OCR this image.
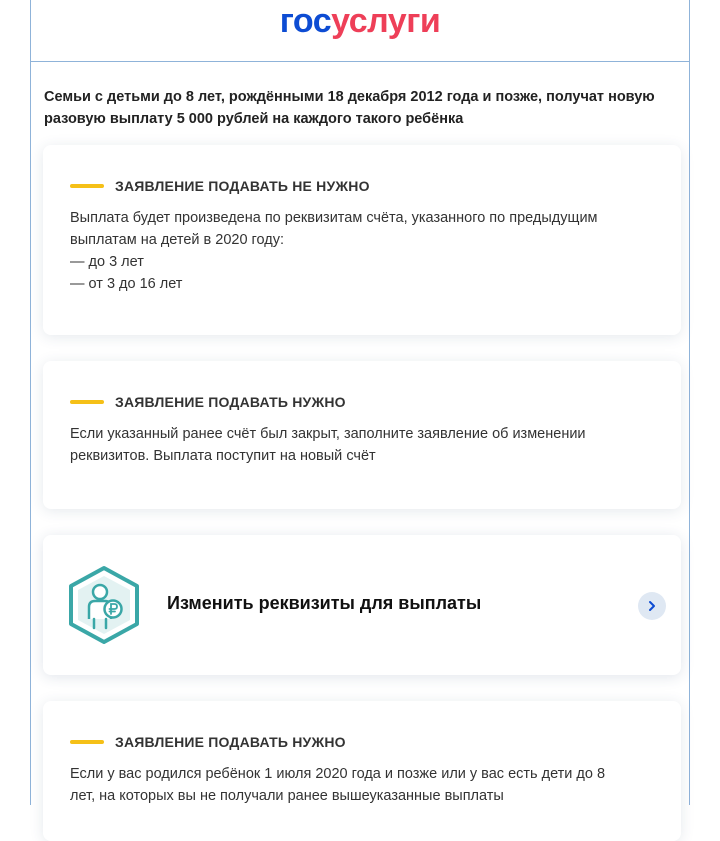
госуслуги
Семьи с детьми до 8 лет, рождёнными 18 декабря 2012 года и позже, получат новую разовую выплату 5 000 рублей на каждого такого ребёнка
ЗАЯВЛЕНИЕ ПОДАВАТЬ НЕ НУЖНО
Выплата будет произведена по реквизитам счёта, указанного по предыдущим
выплатам на детей в 2020 году:
— до 3 лет
— от 3 до 16 лет
ЗАЯВЛЕНИЕ ПОДАВАТЬ НУЖНО
Если указанный ранее счёт был закрыт, заполните заявление об изменении
реквизитов. Выплата поступит на новый счёт
Изменить реквизиты для выплаты
ЗАЯВЛЕНИЕ ПОДАВАТЬ НУЖНО
Если у вас родился ребёнок 1 июля 2020 года и позже или у вас есть дети до 8
лет, на которых вы не получали ранее вышеуказанные выплаты
